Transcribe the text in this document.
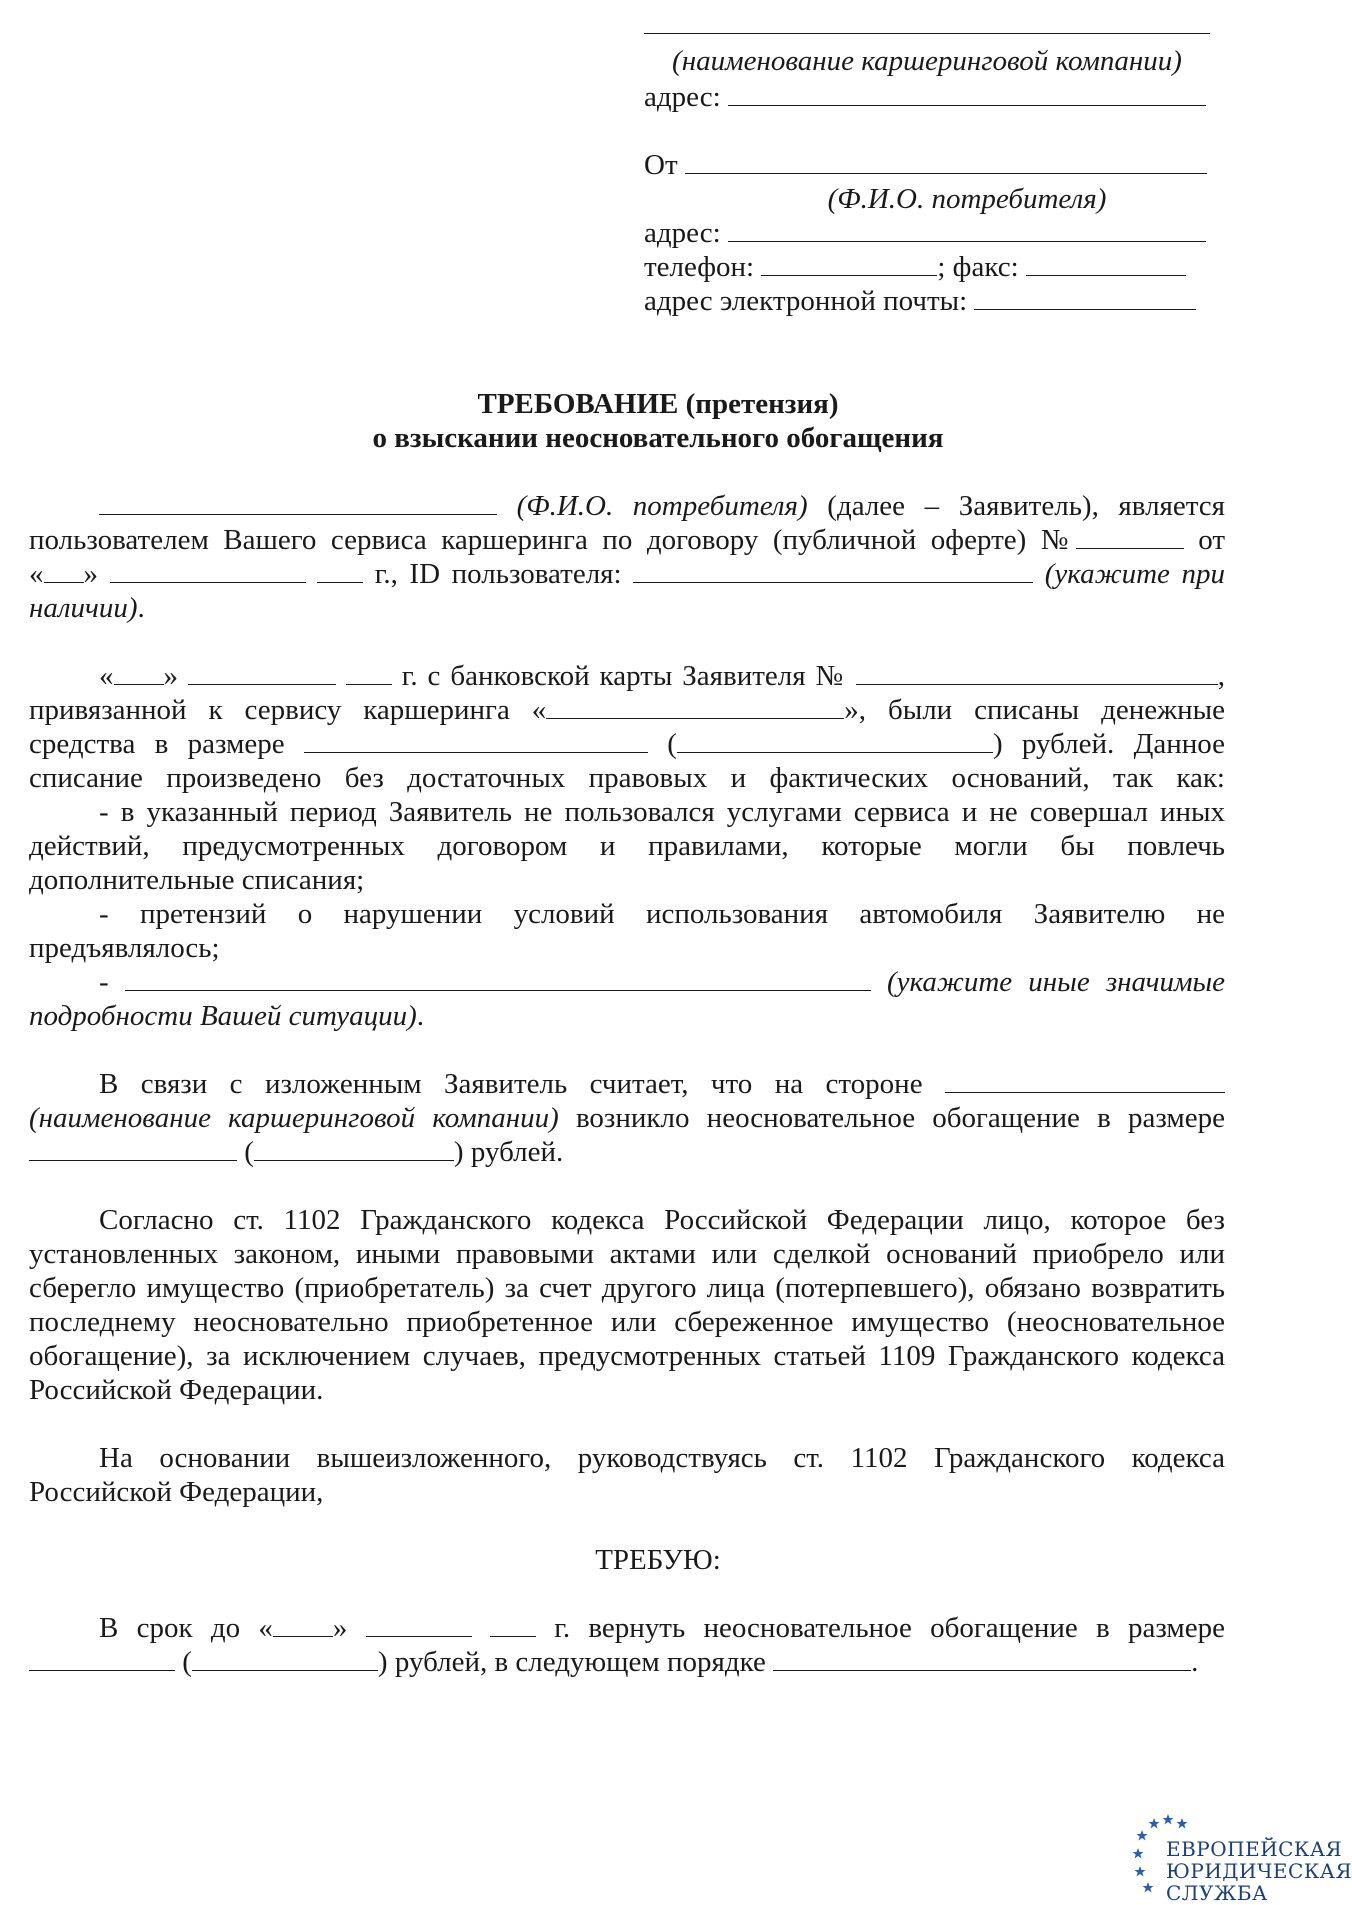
(наименование каршеринговой компании)
адрес:
От
(Ф.И.О. потребителя)
адрес:
телефон:	; факс:
адрес электронной почты:
ТРЕБОВАНИЕ (претензия)
о взыскании неосновательного обогащения
(Ф.И.О. потребителя) (далее – Заявитель), является
пользователем Вашего сервиса каршеринга по договору (публичной оферте) №	от
« »	г., ID пользователя:	(укажите при
наличии).
« »	г. с банковской карты Заявителя №	,
привязанной к сервису каршеринга «	», были списаны денежные
средства в размере	(	) рублей. Данное
списание произведено без достаточных правовых и фактических оснований, так как:
- в указанный период Заявитель не пользовался услугами сервиса и не совершал иных
действий, предусмотренных договором и правилами, которые могли бы повлечь
дополнительные списания;
- претензий о нарушении условий использования автомобиля Заявителю не
предъявлялось;
-	(укажите иные значимые
подробности Вашей ситуации).
В связи с изложенным Заявитель считает, что на стороне
(наименование каршеринговой компании) возникло неосновательное обогащение в размере
(	) рублей.
Согласно ст. 1102 Гражданского кодекса Российской Федерации лицо, которое без
установленных законом, иными правовыми актами или сделкой оснований приобрело или
сберегло имущество (приобретатель) за счет другого лица (потерпевшего), обязано возвратить
последнему неосновательно приобретенное или сбереженное имущество (неосновательное
обогащение), за исключением случаев, предусмотренных статьей 1109 Гражданского кодекса
Российской Федерации.
На основании вышеизложенного, руководствуясь ст. 1102 Гражданского кодекса
Российской Федерации,
ТРЕБУЮ:
В срок до « »	г. вернуть неосновательное обогащение в размере
(	) рублей, в следующем порядке	.
ЕВРОПЕЙСКАЯ
ЮРИДИЧЕСКАЯ
СЛУЖБА
